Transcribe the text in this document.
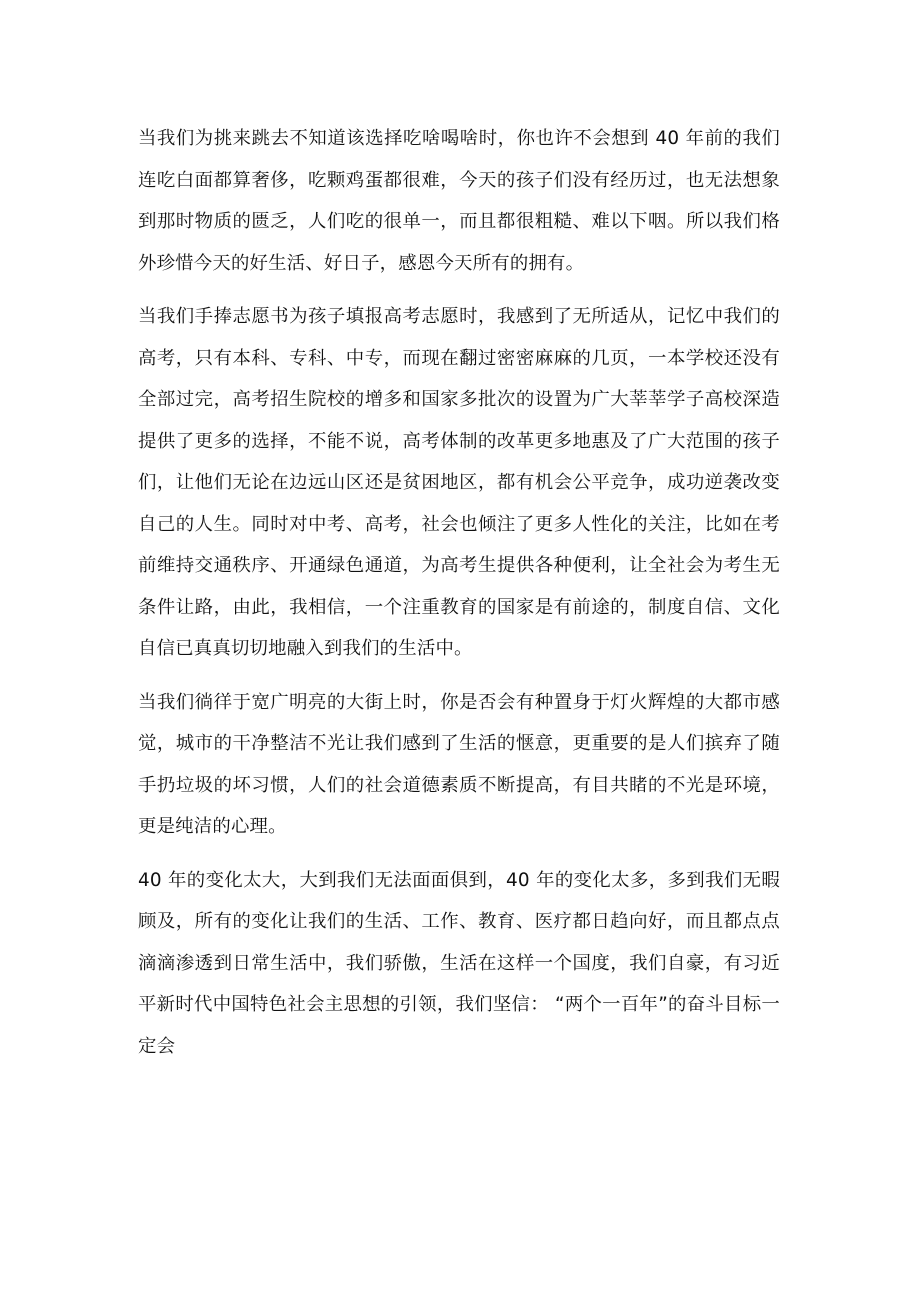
当我们为挑来跳去不知道该选择吃啥喝啥时，你也许不会想到 40 年前的我们连吃白面都算奢侈，吃颗鸡蛋都很难，今天的孩子们没有经历过，也无法想象到那时物质的匮乏，人们吃的很单一，而且都很粗糙、难以下咽。所以我们格外珍惜今天的好生活、好日子，感恩今天所有的拥有。

当我们手捧志愿书为孩子填报高考志愿时，我感到了无所适从，记忆中我们的高考，只有本科、专科、中专，而现在翻过密密麻麻的几页，一本学校还没有全部过完，高考招生院校的增多和国家多批次的设置为广大莘莘学子高校深造提供了更多的选择，不能不说，高考体制的改革更多地惠及了广大范围的孩子们，让他们无论在边远山区还是贫困地区，都有机会公平竞争，成功逆袭改变自己的人生。同时对中考、高考，社会也倾注了更多人性化的关注，比如在考前维持交通秩序、开通绿色通道，为高考生提供各种便利，让全社会为考生无条件让路，由此，我相信，一个注重教育的国家是有前途的，制度自信、文化自信已真真切切地融入到我们的生活中。

当我们徜徉于宽广明亮的大街上时，你是否会有种置身于灯火辉煌的大都市感觉，城市的干净整洁不光让我们感到了生活的惬意，更重要的是人们摈弃了随手扔垃圾的坏习惯，人们的社会道德素质不断提高，有目共睹的不光是环境，更是纯洁的心理。

40 年的变化太大，大到我们无法面面俱到，40 年的变化太多，多到我们无暇顾及，所有的变化让我们的生活、工作、教育、医疗都日趋向好，而且都点点滴滴渗透到日常生活中，我们骄傲，生活在这样一个国度，我们自豪，有习近平新时代中国特色社会主思想的引领，我们坚信： “两个一百年”的奋斗目标一定会
